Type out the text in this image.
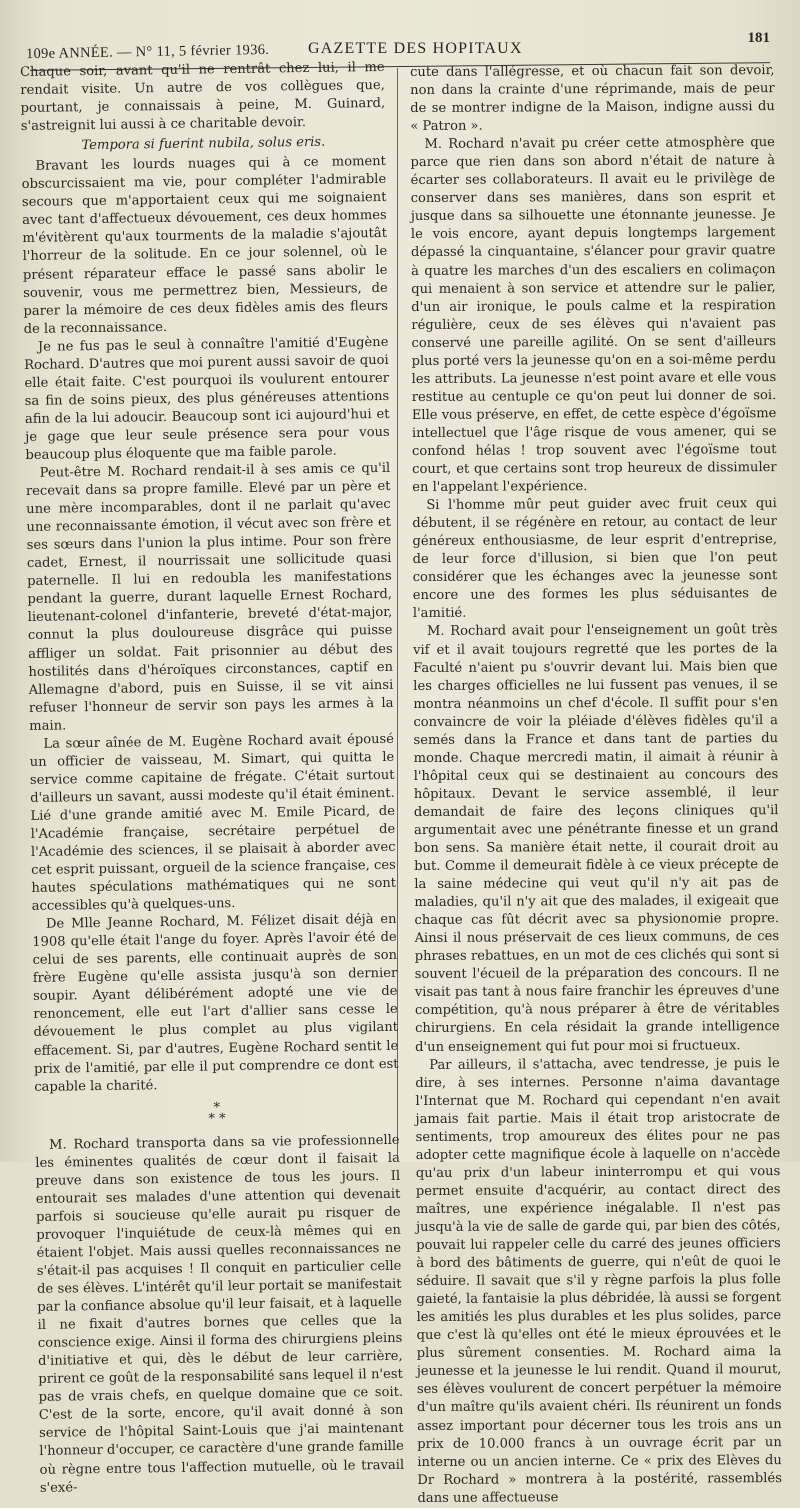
109e ANNÉE. — N° 11, 5 février 1936. GAZETTE DES HOPITAUX
181

Chaque soir, avant qu'il ne rentrât chez lui, il me rendait visite. Un autre de vos collègues que, pourtant, je connaissais à peine, M. Guinard, s'astreignit lui aussi à ce charitable devoir.

Tempora si fuerint nubila, solus eris.

Bravant les lourds nuages qui à ce moment obscurcissaient ma vie, pour compléter l'admirable secours que m'apportaient ceux qui me soignaient avec tant d'affectueux dévouement, ces deux hommes m'évitèrent qu'aux tourments de la maladie s'ajoutât l'horreur de la solitude. En ce jour solennel, où le présent réparateur efface le passé sans abolir le souvenir, vous me permettrez bien, Messieurs, de parer la mémoire de ces deux fidèles amis des fleurs de la reconnaissance.

Je ne fus pas le seul à connaître l'amitié d'Eugène Rochard. D'autres que moi purent aussi savoir de quoi elle était faite. C'est pourquoi ils voulurent entourer sa fin de soins pieux, des plus généreuses attentions afin de la lui adoucir. Beaucoup sont ici aujourd'hui et je gage que leur seule présence sera pour vous beaucoup plus éloquente que ma faible parole.

Peut-être M. Rochard rendait-il à ses amis ce qu'il recevait dans sa propre famille. Elevé par un père et une mère incomparables, dont il ne parlait qu'avec une reconnaissante émotion, il vécut avec son frère et ses sœurs dans l'union la plus intime. Pour son frère cadet, Ernest, il nourrissait une sollicitude quasi paternelle. Il lui en redoubla les manifestations pendant la guerre, durant laquelle Ernest Rochard, lieutenant-colonel d'infanterie, breveté d'état-major, connut la plus douloureuse disgrâce qui puisse affliger un soldat. Fait prisonnier au début des hostilités dans d'héroïques circonstances, captif en Allemagne d'abord, puis en Suisse, il se vit ainsi refuser l'honneur de servir son pays les armes à la main.

La sœur aînée de M. Eugène Rochard avait épousé un officier de vaisseau, M. Simart, qui quitta le service comme capitaine de frégate. C'était surtout d'ailleurs un savant, aussi modeste qu'il était éminent. Lié d'une grande amitié avec M. Emile Picard, de l'Académie française, secrétaire perpétuel de l'Académie des sciences, il se plaisait à aborder avec cet esprit puissant, orgueil de la science française, ces hautes spéculations mathématiques qui ne sont accessibles qu'à quelques-uns.

De Mlle Jeanne Rochard, M. Félizet disait déjà en 1908 qu'elle était l'ange du foyer. Après l'avoir été de celui de ses parents, elle continuait auprès de son frère Eugène qu'elle assista jusqu'à son dernier soupir. Ayant délibérément adopté une vie de renoncement, elle eut l'art d'allier sans cesse le dévouement le plus complet au plus vigilant effacement. Si, par d'autres, Eugène Rochard sentit le prix de l'amitié, par elle il put comprendre ce dont est capable la charité.

*
* *

M. Rochard transporta dans sa vie professionnelle les éminentes qualités de cœur dont il faisait la preuve dans son existence de tous les jours. Il entourait ses malades d'une attention qui devenait parfois si soucieuse qu'elle aurait pu risquer de provoquer l'inquiétude de ceux-là mêmes qui en étaient l'objet. Mais aussi quelles reconnaissances ne s'était-il pas acquises ! Il conquit en particulier celle de ses élèves. L'intérêt qu'il leur portait se manifestait par la confiance absolue qu'il leur faisait, et à laquelle il ne fixait d'autres bornes que celles que la conscience exige. Ainsi il forma des chirurgiens pleins d'initiative et qui, dès le début de leur carrière, prirent ce goût de la responsabilité sans lequel il n'est pas de vrais chefs, en quelque domaine que ce soit. C'est de la sorte, encore, qu'il avait donné à son service de l'hôpital Saint-Louis que j'ai maintenant l'honneur d'occuper, ce caractère d'une grande famille où règne entre tous l'affection mutuelle, où le travail s'exé-

cute dans l'allégresse, et où chacun fait son devoir, non dans la crainte d'une réprimande, mais de peur de se montrer indigne de la Maison, indigne aussi du « Patron ».

M. Rochard n'avait pu créer cette atmosphère que parce que rien dans son abord n'était de nature à écarter ses collaborateurs. Il avait eu le privilège de conserver dans ses manières, dans son esprit et jusque dans sa silhouette une étonnante jeunesse. Je le vois encore, ayant depuis longtemps largement dépassé la cinquantaine, s'élancer pour gravir quatre à quatre les marches d'un des escaliers en colimaçon qui menaient à son service et attendre sur le palier, d'un air ironique, le pouls calme et la respiration régulière, ceux de ses élèves qui n'avaient pas conservé une pareille agilité. On se sent d'ailleurs plus porté vers la jeunesse qu'on en a soi-même perdu les attributs. La jeunesse n'est point avare et elle vous restitue au centuple ce qu'on peut lui donner de soi. Elle vous préserve, en effet, de cette espèce d'égoïsme intellectuel que l'âge risque de vous amener, qui se confond hélas ! trop souvent avec l'égoïsme tout court, et que certains sont trop heureux de dissimuler en l'appelant l'expérience.

Si l'homme mûr peut guider avec fruit ceux qui débutent, il se régénère en retour, au contact de leur généreux enthousiasme, de leur esprit d'entreprise, de leur force d'illusion, si bien que l'on peut considérer que les échanges avec la jeunesse sont encore une des formes les plus séduisantes de l'amitié.

M. Rochard avait pour l'enseignement un goût très vif et il avait toujours regretté que les portes de la Faculté n'aient pu s'ouvrir devant lui. Mais bien que les charges officielles ne lui fussent pas venues, il se montra néanmoins un chef d'école. Il suffit pour s'en convaincre de voir la pléiade d'élèves fidèles qu'il a semés dans la France et dans tant de parties du monde. Chaque mercredi matin, il aimait à réunir à l'hôpital ceux qui se destinaient au concours des hôpitaux. Devant le service assemblé, il leur demandait de faire des leçons cliniques qu'il argumentait avec une pénétrante finesse et un grand bon sens. Sa manière était nette, il courait droit au but. Comme il demeurait fidèle à ce vieux précepte de la saine médecine qui veut qu'il n'y ait pas de maladies, qu'il n'y ait que des malades, il exigeait que chaque cas fût décrit avec sa physionomie propre. Ainsi il nous préservait de ces lieux communs, de ces phrases rebattues, en un mot de ces clichés qui sont si souvent l'écueil de la préparation des concours. Il ne visait pas tant à nous faire franchir les épreuves d'une compétition, qu'à nous préparer à être de véritables chirurgiens. En cela résidait la grande intelligence d'un enseignement qui fut pour moi si fructueux.

Par ailleurs, il s'attacha, avec tendresse, je puis le dire, à ses internes. Personne n'aima davantage l'Internat que M. Rochard qui cependant n'en avait jamais fait partie. Mais il était trop aristocrate de sentiments, trop amoureux des élites pour ne pas adopter cette magnifique école à laquelle on n'accède qu'au prix d'un labeur ininterrompu et qui vous permet ensuite d'acquérir, au contact direct des maîtres, une expérience inégalable. Il n'est pas jusqu'à la vie de salle de garde qui, par bien des côtés, pouvait lui rappeler celle du carré des jeunes officiers à bord des bâtiments de guerre, qui n'eût de quoi le séduire. Il savait que s'il y règne parfois la plus folle gaieté, la fantaisie la plus débridée, là aussi se forgent les amitiés les plus durables et les plus solides, parce que c'est là qu'elles ont été le mieux éprouvées et le plus sûrement consenties. M. Rochard aima la jeunesse et la jeunesse le lui rendit. Quand il mourut, ses élèves voulurent de concert perpétuer la mémoire d'un maître qu'ils avaient chéri. Ils réunirent un fonds assez important pour décerner tous les trois ans un prix de 10.000 francs à un ouvrage écrit par un interne ou un ancien interne. Ce « prix des Elèves du Dr Rochard » montrera à la postérité, rassemblés dans une affectueuse
